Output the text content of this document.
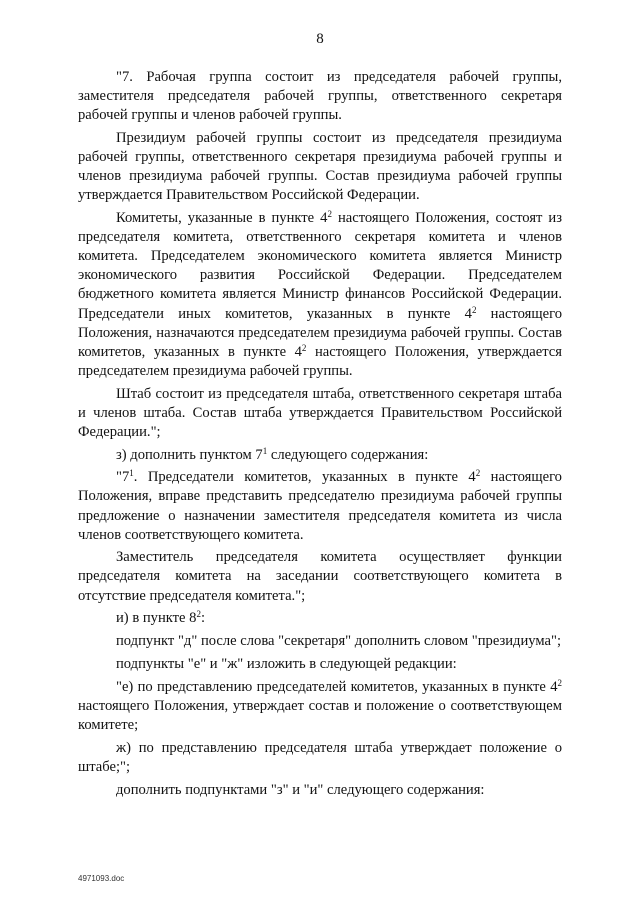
8

"7. Рабочая группа состоит из председателя рабочей группы, заместителя председателя рабочей группы, ответственного секретаря рабочей группы и членов рабочей группы.

Президиум рабочей группы состоит из председателя президиума рабочей группы, ответственного секретаря президиума рабочей группы и членов президиума рабочей группы. Состав президиума рабочей группы утверждается Правительством Российской Федерации.

Комитеты, указанные в пункте $4^2$ настоящего Положения, состоят из председателя комитета, ответственного секретаря комитета и членов комитета. Председателем экономического комитета является Министр экономического развития Российской Федерации. Председателем бюджетного комитета является Министр финансов Российской Федерации. Председатели иных комитетов, указанных в пункте $4^2$ настоящего Положения, назначаются председателем президиума рабочей группы. Состав комитетов, указанных в пункте $4^2$ настоящего Положения, утверждается председателем президиума рабочей группы.

Штаб состоит из председателя штаба, ответственного секретаря штаба и членов штаба. Состав штаба утверждается Правительством Российской Федерации.";

з) дополнить пунктом $7^1$ следующего содержания:

"$7^1$. Председатели комитетов, указанных в пункте $4^2$ настоящего Положения, вправе представить председателю президиума рабочей группы предложение о назначении заместителя председателя комитета из числа членов соответствующего комитета.

Заместитель председателя комитета осуществляет функции председателя комитета на заседании соответствующего комитета в отсутствие председателя комитета.";

и) в пункте $8^2$:

подпункт "д" после слова "секретаря" дополнить словом "президиума";

подпункты "е" и "ж" изложить в следующей редакции:

"е) по представлению председателей комитетов, указанных в пункте $4^2$ настоящего Положения, утверждает состав и положение о соответствующем комитете;

ж) по представлению председателя штаба утверждает положение о штабе;";

дополнить подпунктами "з" и "и" следующего содержания:

4971093.doc
